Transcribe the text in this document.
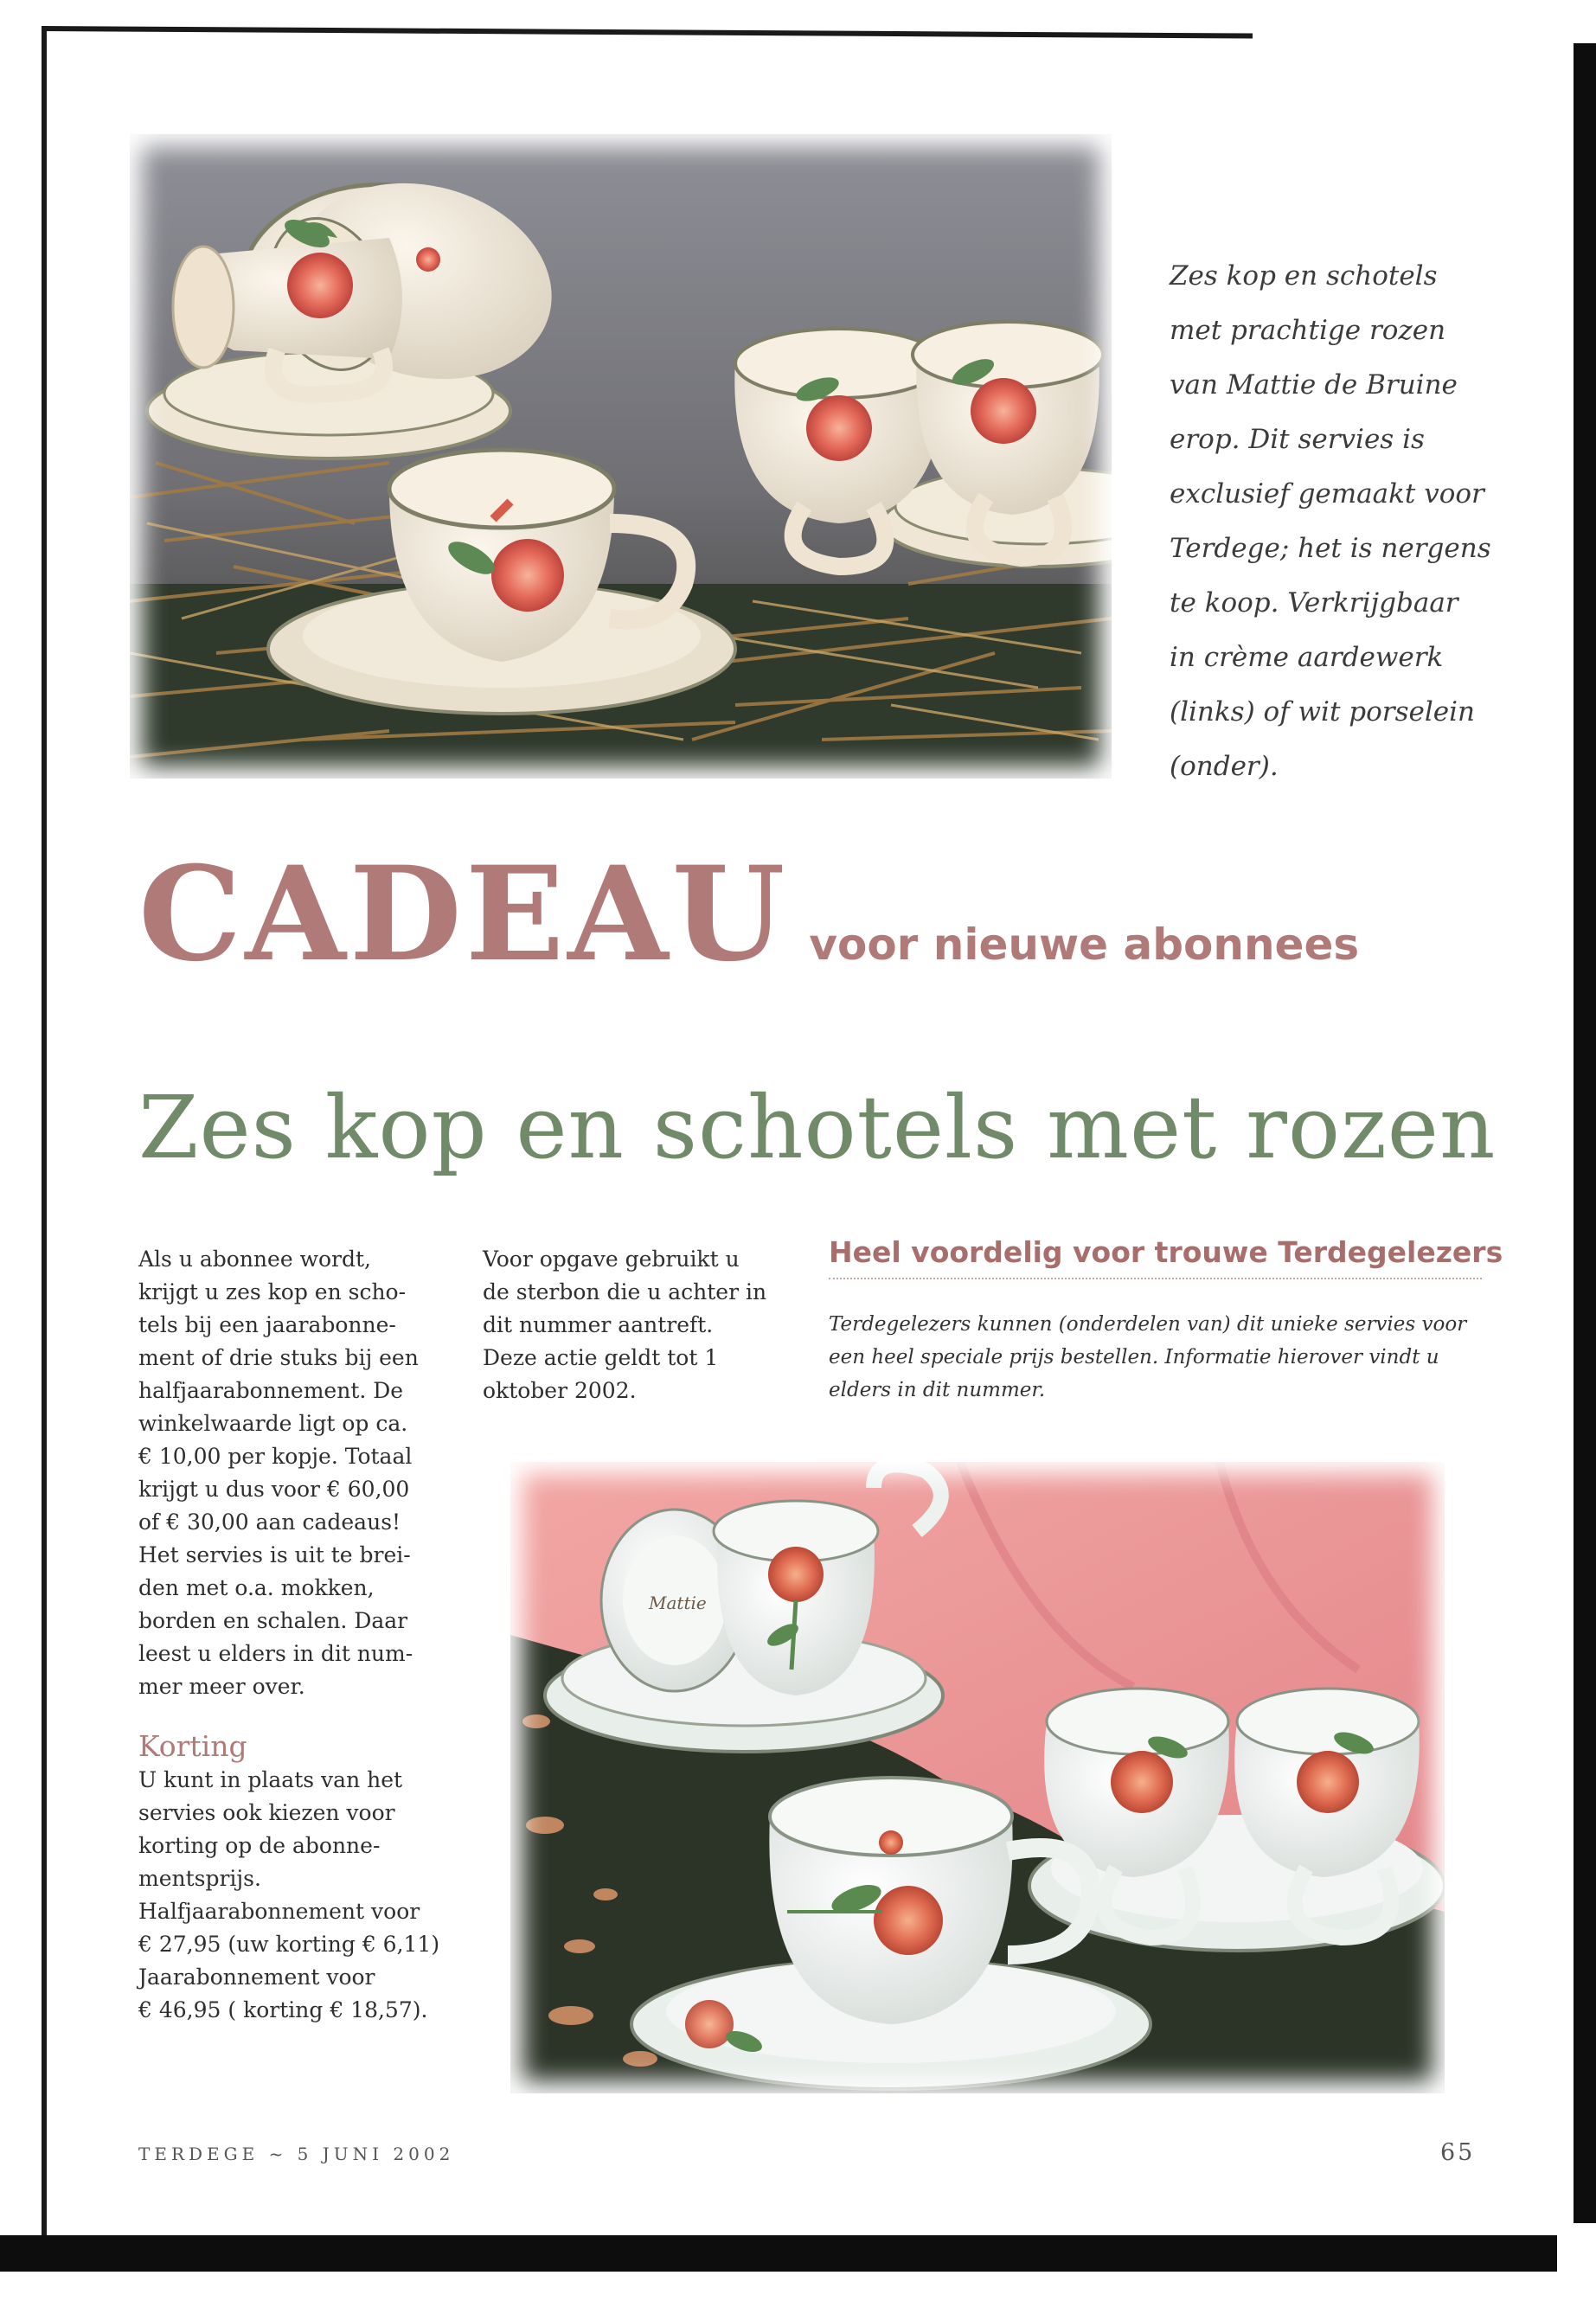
Zes kop en schotels
met prachtige rozen
van Mattie de Bruine
erop. Dit servies is
exclusief gemaakt voor
Terdege; het is nergens
te koop. Verkrijgbaar
in crème aardewerk
(links) of wit porselein
(onder).
CADEAU voor nieuwe abonnees
Zes kop en schotels met rozen
Als u abonnee wordt,
krijgt u zes kop en scho-
tels bij een jaarabonne-
ment of drie stuks bij een
halfjaarabonnement. De
winkelwaarde ligt op ca.
€ 10,00 per kopje. Totaal
krijgt u dus voor € 60,00
of € 30,00 aan cadeaus!
Het servies is uit te brei-
den met o.a. mokken,
borden en schalen. Daar
leest u elders in dit num-
mer meer over.
Korting
U kunt in plaats van het
servies ook kiezen voor
korting op de abonne-
mentsprijs.
Halfjaarabonnement voor
€ 27,95 (uw korting € 6,11)
Jaarabonnement voor
€ 46,95 ( korting € 18,57).
Voor opgave gebruikt u
de sterbon die u achter in
dit nummer aantreft.
Deze actie geldt tot 1
oktober 2002.
Heel voordelig voor trouwe Terdegelezers
Terdegelezers kunnen (onderdelen van) dit unieke servies voor
een heel speciale prijs bestellen. Informatie hierover vindt u
elders in dit nummer.
Mattie
TERDEGE ~ 5 JUNI 2002	65
